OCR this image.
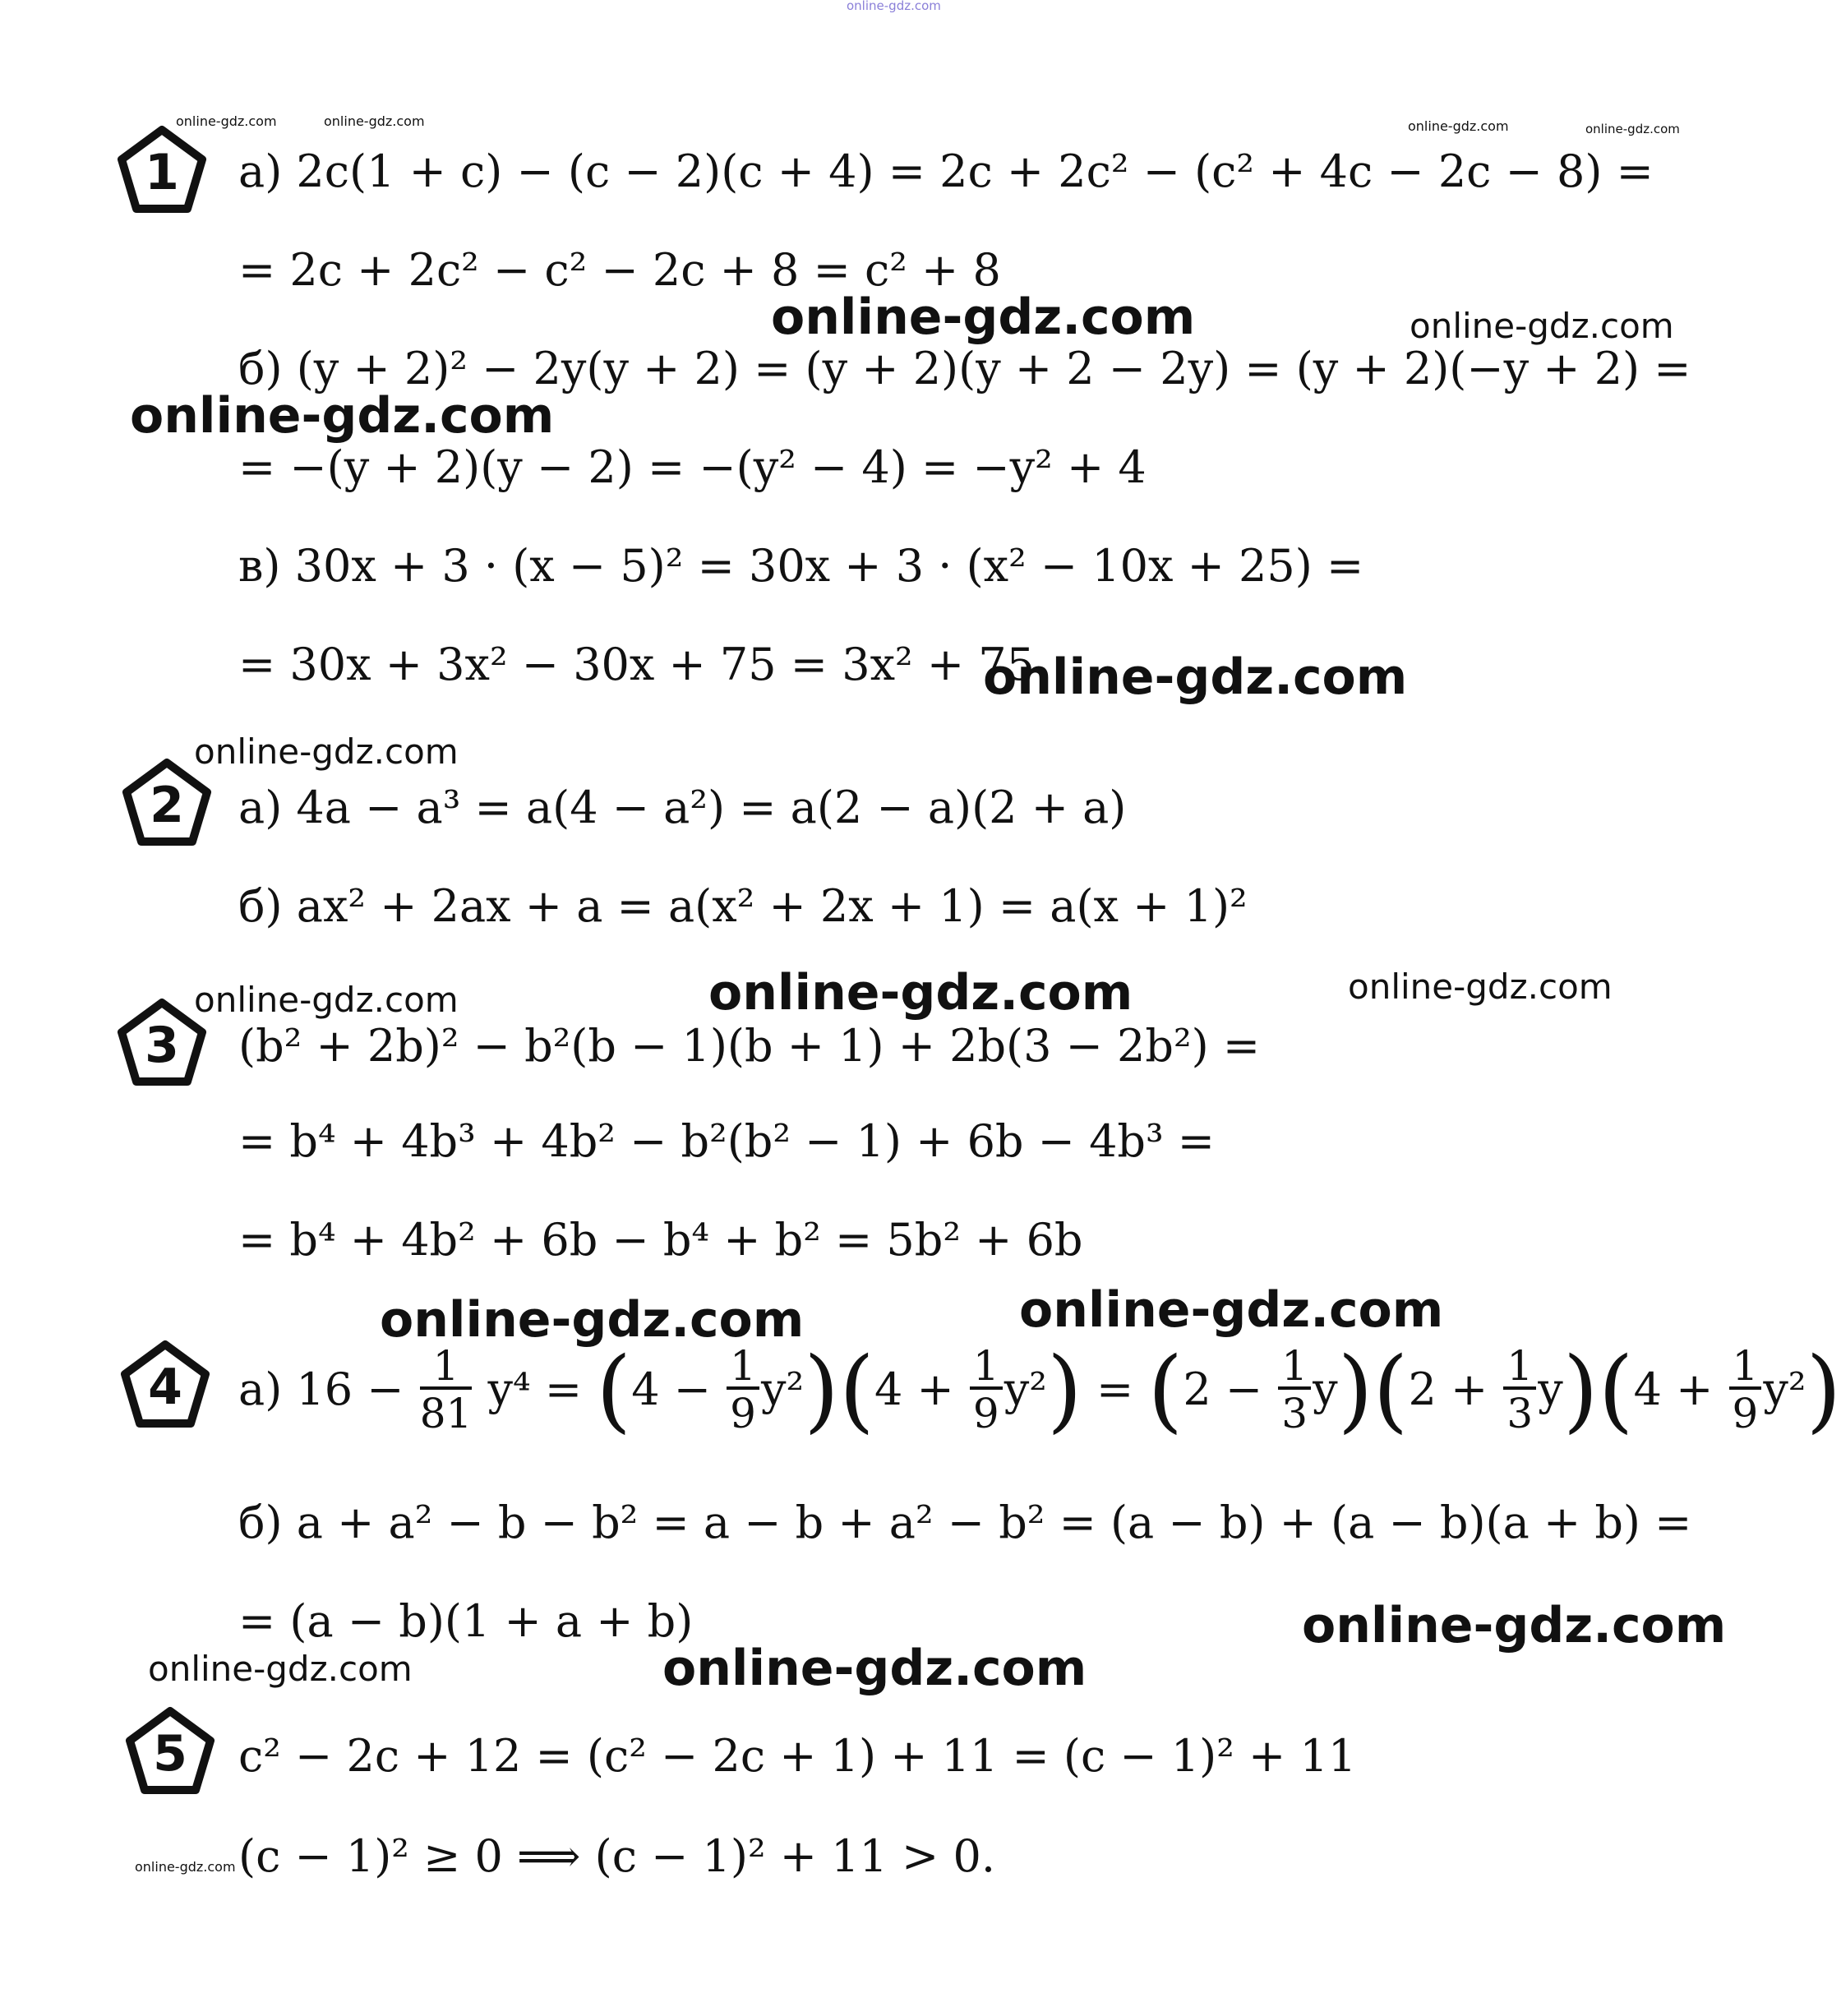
online-gdz.com
online-gdz.com	online-gdz.com	online-gdz.com	online-gdz.com
online-gdz.com	online-gdz.com
online-gdz.com
online-gdz.com
online-gdz.com
online-gdz.com	online-gdz.com	online-gdz.com
online-gdz.com	online-gdz.com
online-gdz.com
online-gdz.com	online-gdz.com
online-gdz.com
1	а) 2c(1 + c) − (c − 2)(c + 4) = 2c + 2c² − (c² + 4c − 2c − 8) =
= 2c + 2c² − c² − 2c + 8 = c² + 8
б) (y + 2)² − 2y(y + 2) = (y + 2)(y + 2 − 2y) = (y + 2)(−y + 2) =
= −(y + 2)(y − 2) = −(y² − 4) = −y² + 4
в) 30x + 3 · (x − 5)² = 30x + 3 · (x² − 10x + 25) =
= 30x + 3x² − 30x + 75 = 3x² + 75
2	а) 4a − a³ = a(4 − a²) = a(2 − a)(2 + a)
б) ax² + 2ax + a = a(x² + 2x + 1) = a(x + 1)²
3	(b² + 2b)² − b²(b − 1)(b + 1) + 2b(3 − 2b²) =
= b⁴ + 4b³ + 4b² − b²(b² − 1) + 6b − 4b³ =
= b⁴ + 4b² + 6b − b⁴ + b² = 5b² + 6b
4	а) $16 - \frac{1}{81} y^4 = (4 - \frac{1}{9} y^2)(4 + \frac{1}{9} y^2) = (2 - \frac{1}{3} y)(2 + \frac{1}{3} y)(4 + \frac{1}{9} y^2)$
б) a + a² − b − b² = a − b + a² − b² = (a − b) + (a − b)(a + b) =
= (a − b)(1 + a + b)
5	c² − 2c + 12 = (c² − 2c + 1) + 11 = (c − 1)² + 11
(c − 1)² ≥ 0 ⟹ (c − 1)² + 11 > 0.
